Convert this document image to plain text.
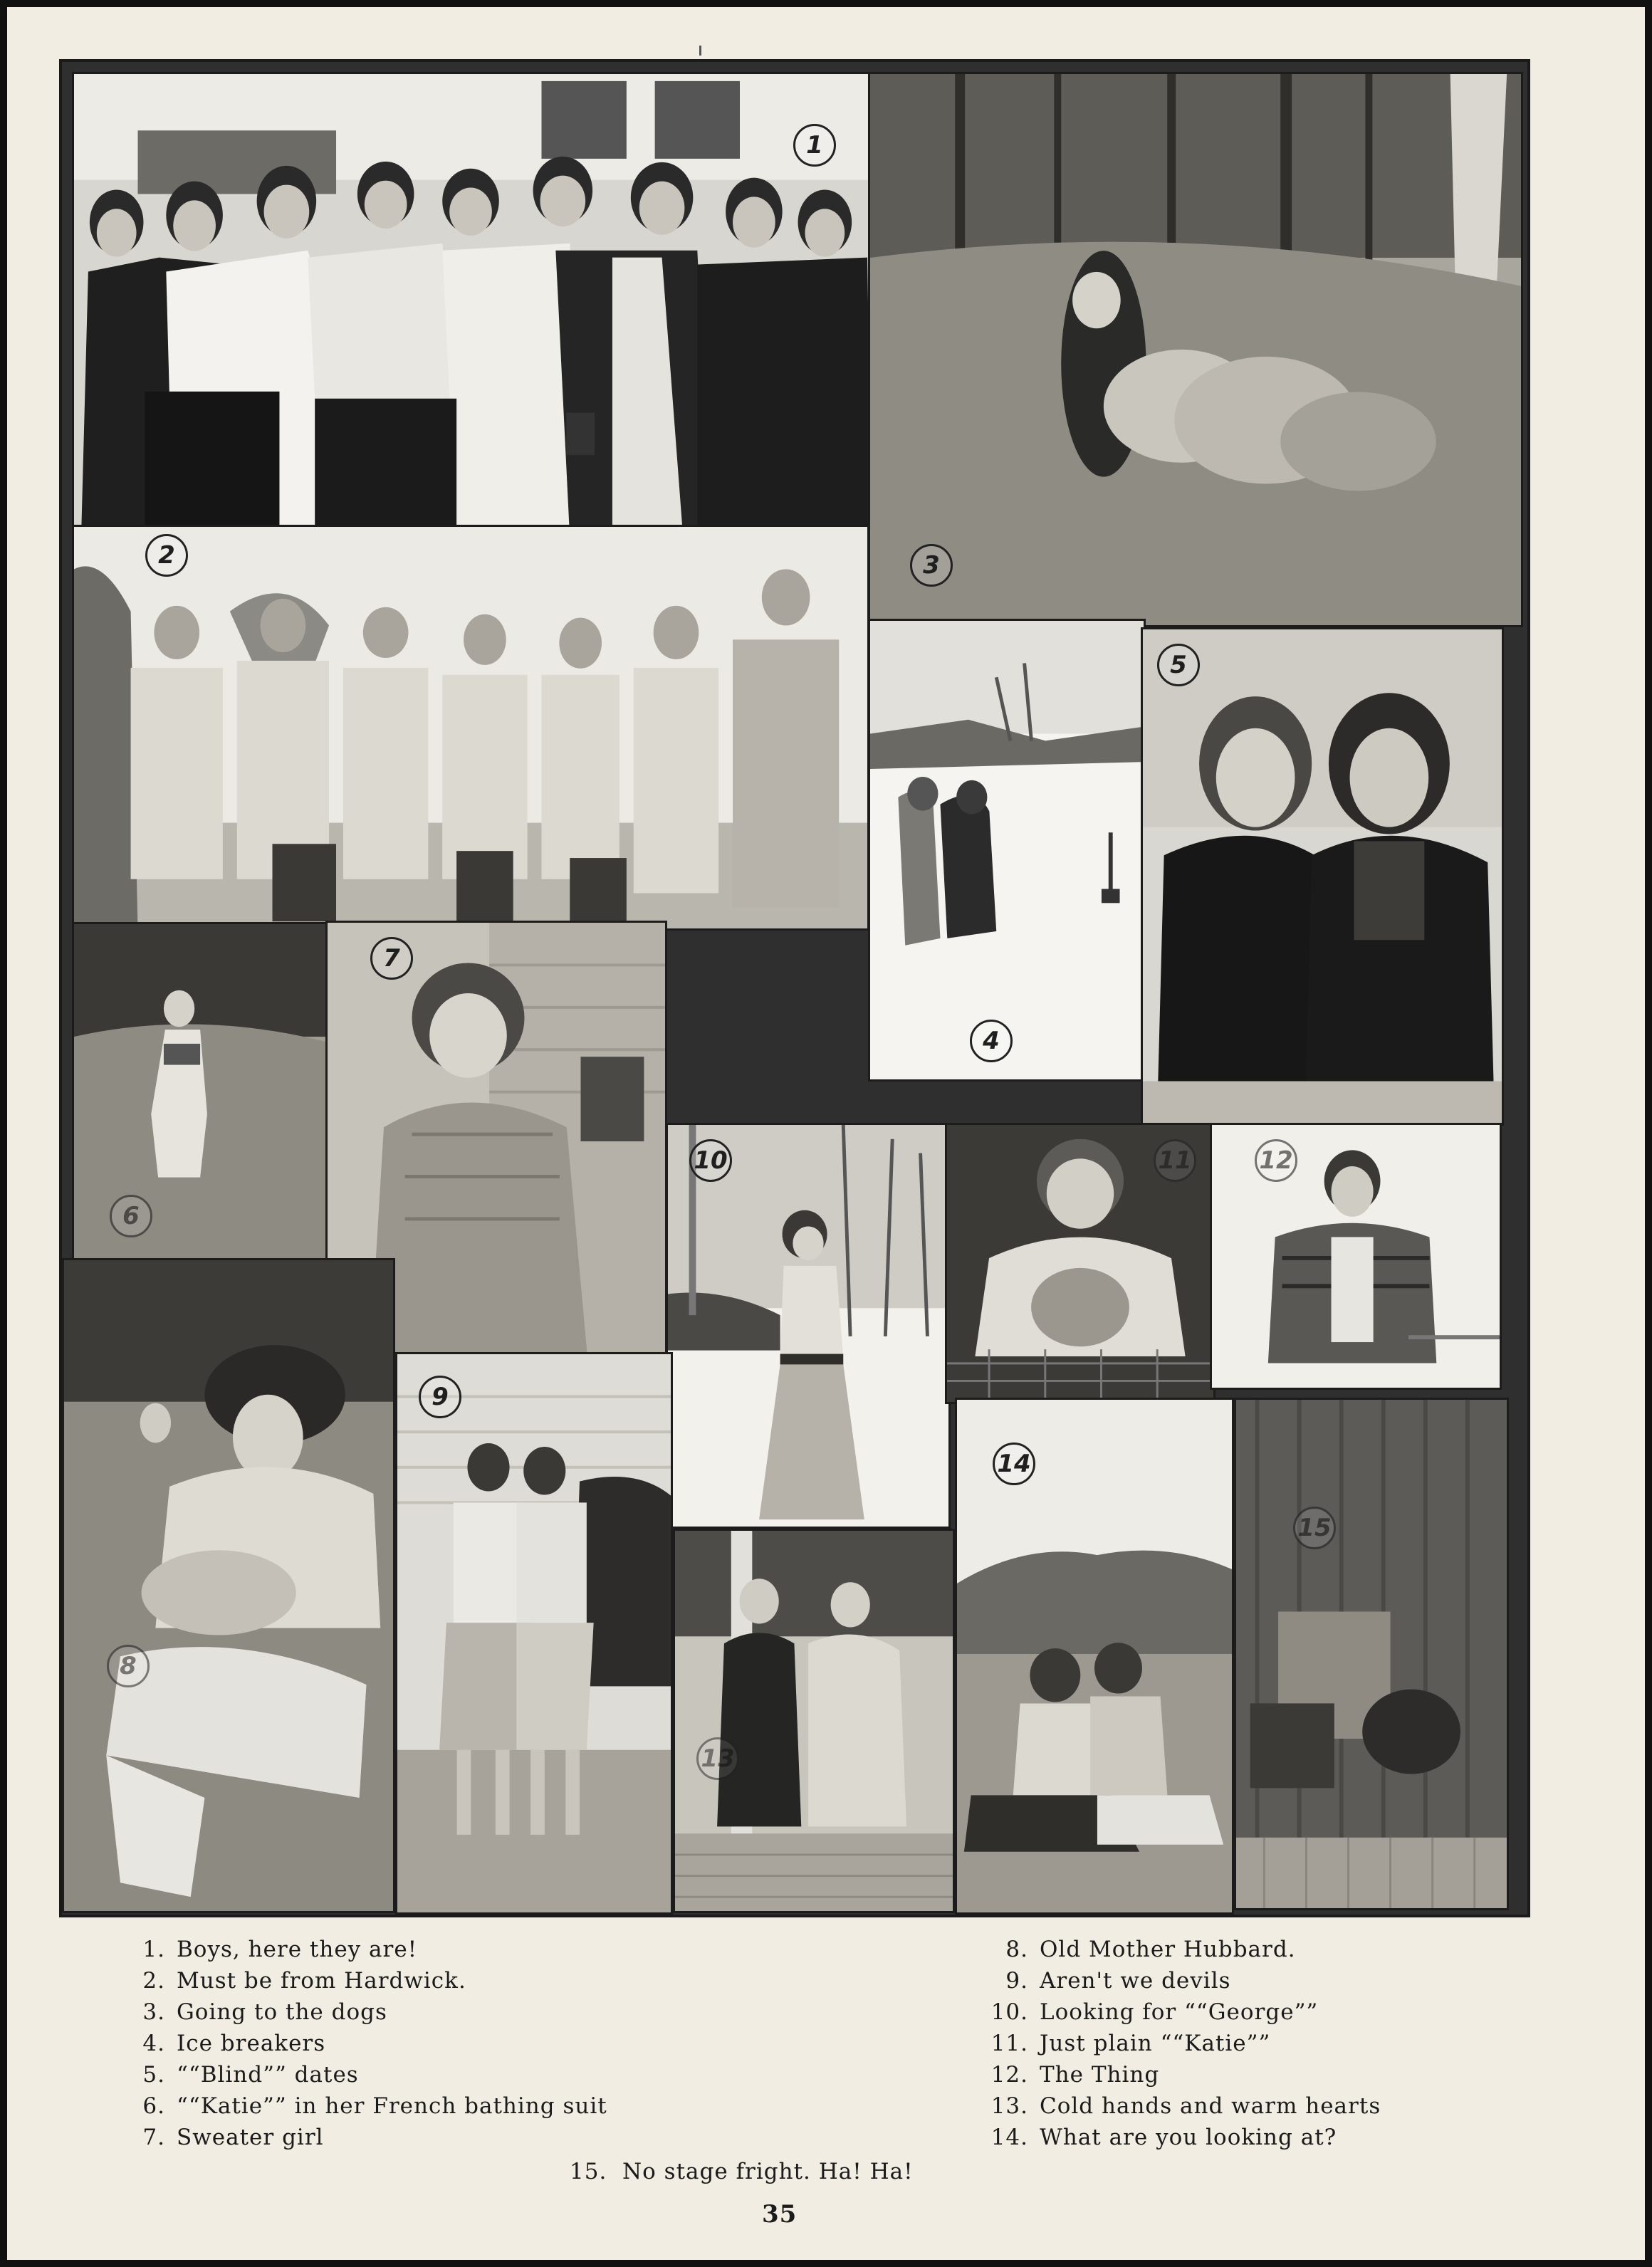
1
3
2
4
5
6
7
10	11	12
8
9
13
14
15
1. Boys, here they are!
2. Must be from Hardwick.
3. Going to the dogs
4. Ice breakers
5. ““Blind”” dates
6. ““Katie”” in her French bathing suit
7. Sweater girl
8. Old Mother Hubbard.
9. Aren't we devils
10. Looking for ““George””
11. Just plain ““Katie””
12. The Thing
13. Cold hands and warm hearts
14. What are you looking at?
15. No stage fright. Ha! Ha!
35
